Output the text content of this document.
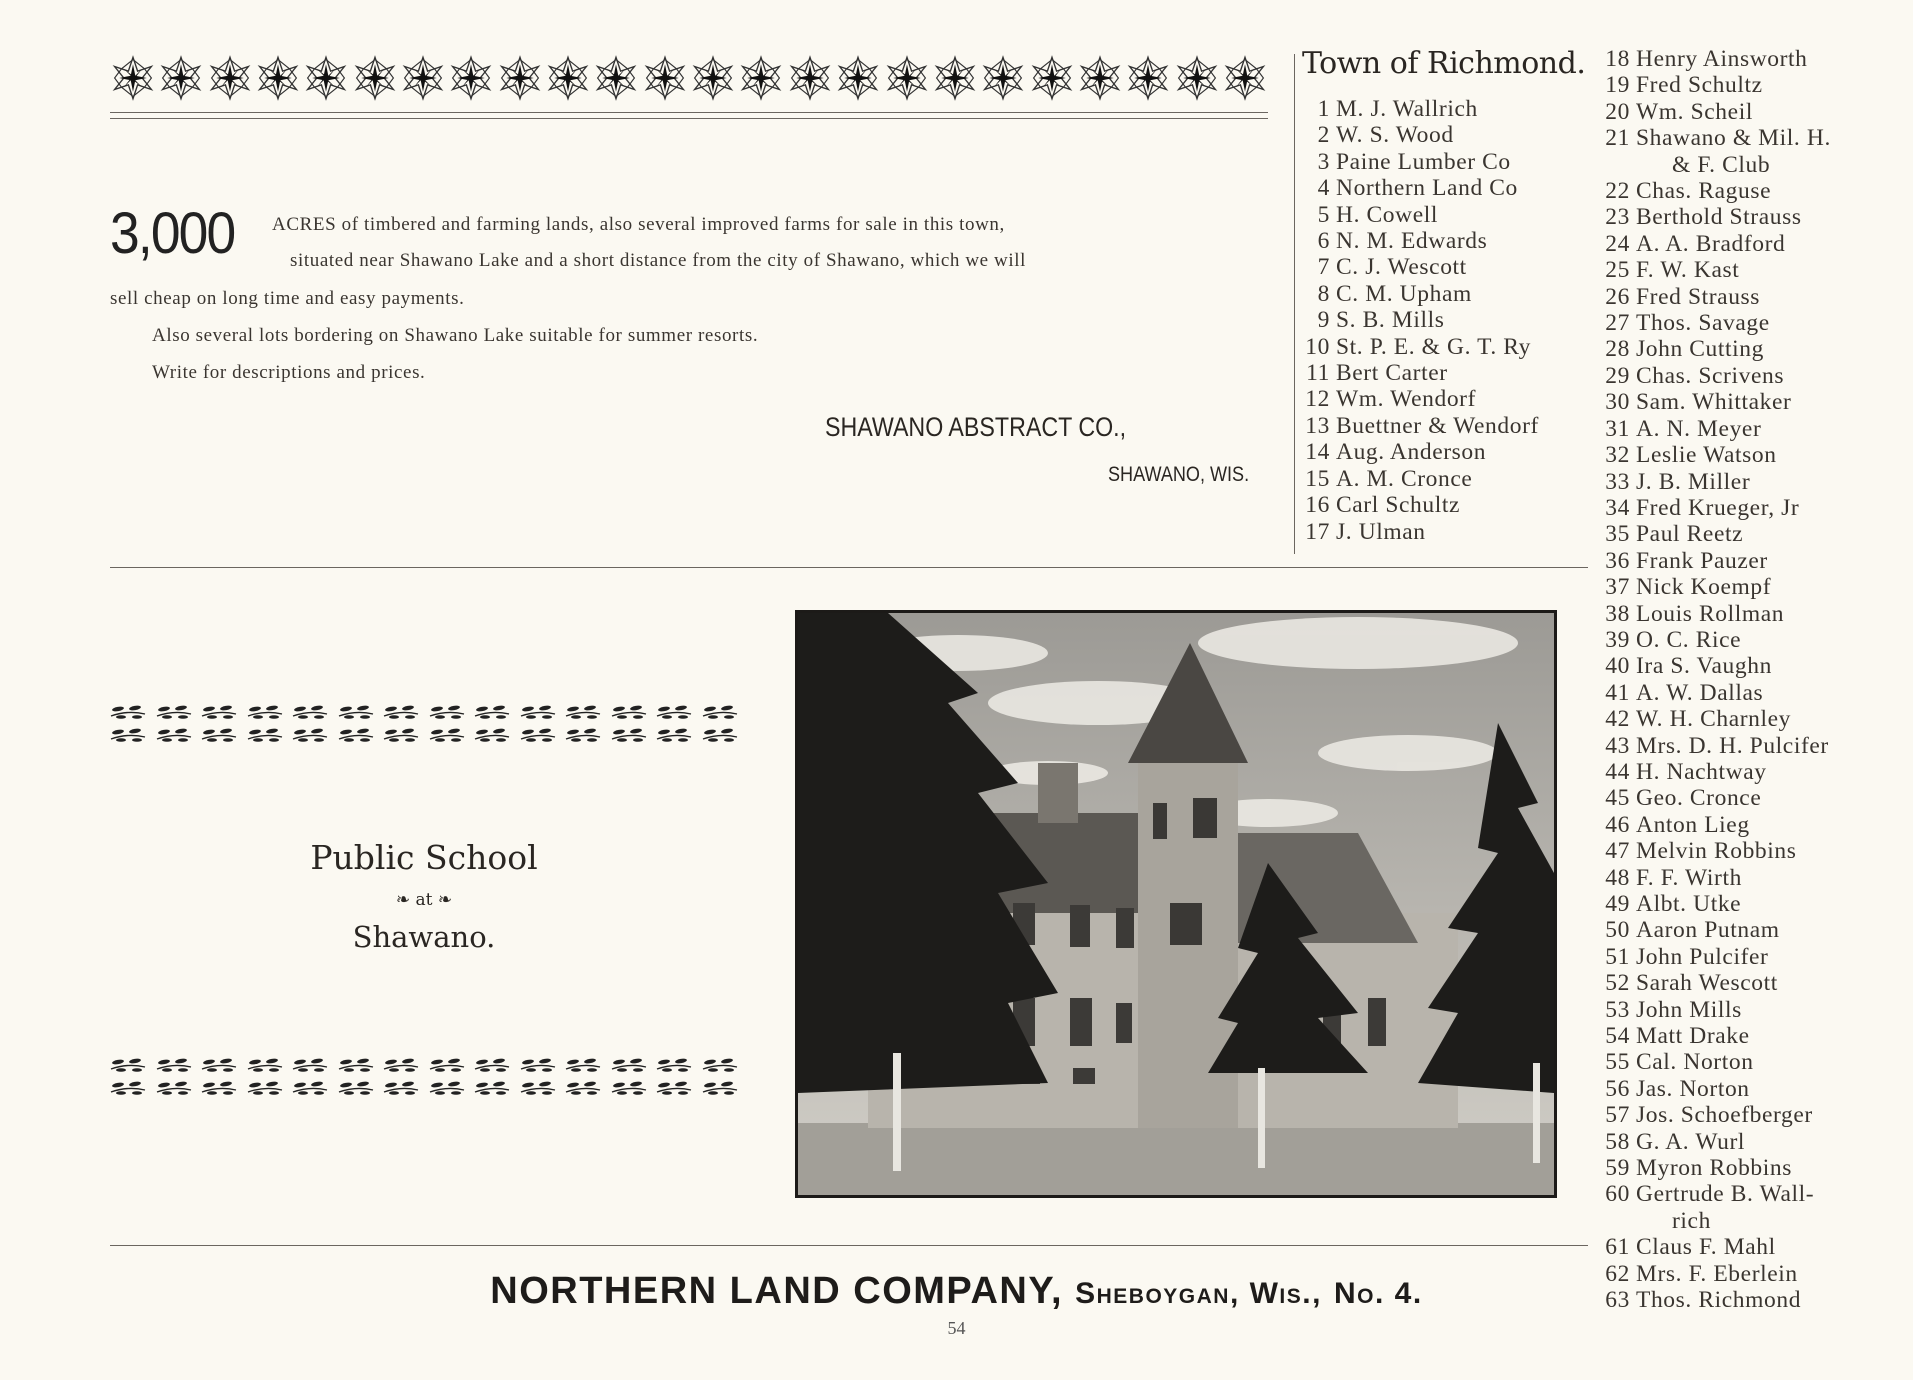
3,000 ACRES of timbered and farming lands, also several improved farms for sale in this town,
situated near Shawano Lake and a short distance from the city of Shawano, which we will
sell cheap on long time and easy payments.
Also several lots bordering on Shawano Lake suitable for summer resorts.
Write for descriptions and prices.
SHAWANO ABSTRACT CO.,
SHAWANO, WIS.
Town of Richmond.
1 M. J. Wallrich
2 W. S. Wood
3 Paine Lumber Co
4 Northern Land Co
5 H. Cowell
6 N. M. Edwards
7 C. J. Wescott
8 C. M. Upham
9 S. B. Mills
10 St. P. E. & G. T. Ry
11 Bert Carter
12 Wm. Wendorf
13 Buettner & Wendorf
14 Aug. Anderson
15 A. M. Cronce
16 Carl Schultz
17 J. Ulman
18 Henry Ainsworth
19 Fred Schultz
20 Wm. Scheil
21 Shawano & Mil. H.
& F. Club
22 Chas. Raguse
23 Berthold Strauss
24 A. A. Bradford
25 F. W. Kast
26 Fred Strauss
27 Thos. Savage
28 John Cutting
29 Chas. Scrivens
30 Sam. Whittaker
31 A. N. Meyer
32 Leslie Watson
33 J. B. Miller
34 Fred Krueger, Jr
35 Paul Reetz
36 Frank Pauzer
37 Nick Koempf
38 Louis Rollman
39 O. C. Rice
40 Ira S. Vaughn
41 A. W. Dallas
42 W. H. Charnley
43 Mrs. D. H. Pulcifer
44 H. Nachtway
45 Geo. Cronce
46 Anton Lieg
47 Melvin Robbins
48 F. F. Wirth
49 Albt. Utke
50 Aaron Putnam
51 John Pulcifer
52 Sarah Wescott
53 John Mills
54 Matt Drake
55 Cal. Norton
56 Jas. Norton
57 Jos. Schoefberger
58 G. A. Wurl
59 Myron Robbins
60 Gertrude B. Wall-
rich
61 Claus F. Mahl
62 Mrs. F. Eberlein
63 Thos. Richmond
Public School
❧ at ❧
Shawano.
NORTHERN LAND COMPANY, Sheboygan, Wis., No. 4.
54
